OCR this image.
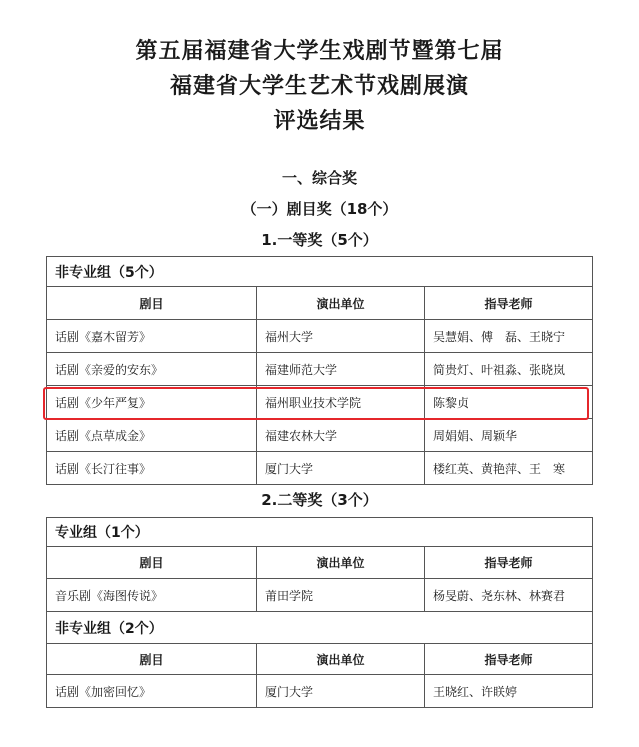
第五届福建省大学生戏剧节暨第七届
福建省大学生艺术节戏剧展演
评选结果
一、综合奖
（一）剧目奖（18个）
1.一等奖（5个）
非专业组（5个）		
剧目	演出单位	指导老师
话剧《嘉木留芳》	福州大学	吴慧娟、傅　磊、王晓宁
话剧《亲爱的安东》	福建师范大学	简贵灯、叶祖淼、张晓岚
话剧《少年严复》	福州职业技术学院	陈黎贞
话剧《点草成金》	福建农林大学	周娟娟、周颖华
话剧《长汀往事》	厦门大学	楼红英、黄艳萍、王　寒
2.二等奖（3个）
专业组（1个）		
剧目	演出单位	指导老师
音乐剧《海图传说》	莆田学院	杨旻蔚、尧东林、林赛君
非专业组（2个）		
剧目	演出单位	指导老师
话剧《加密回忆》	厦门大学	王晓红、许眹婷
